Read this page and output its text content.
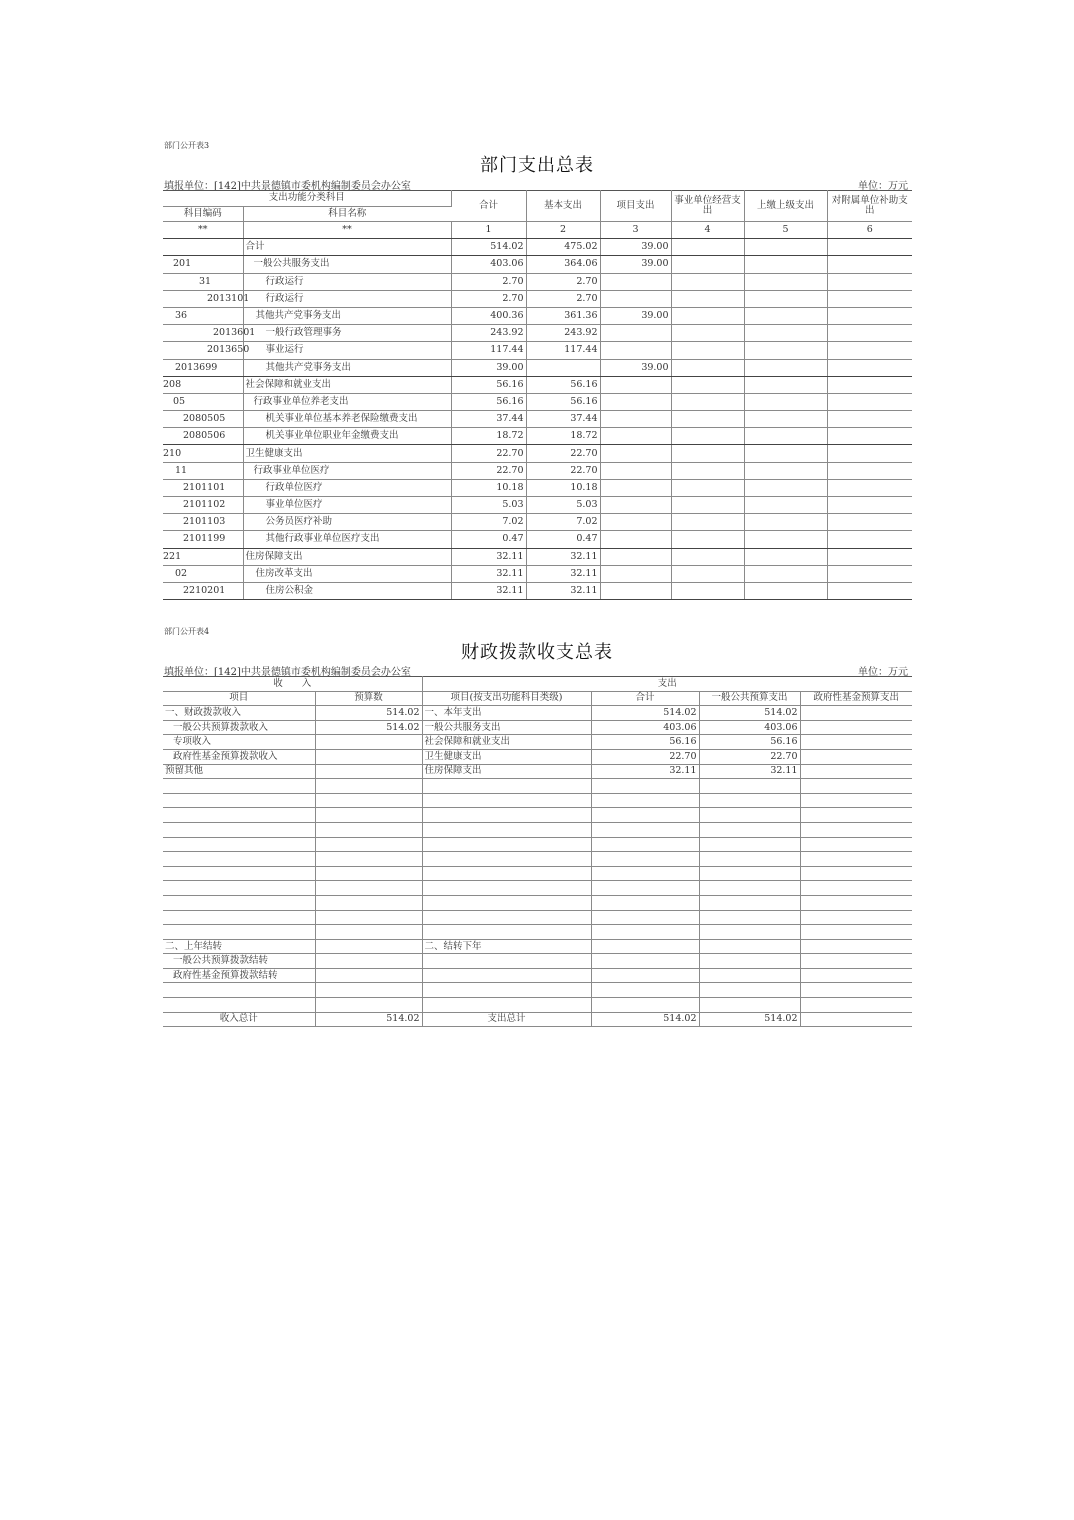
部门公开表3
部门支出总表
填报单位：[142]中共景德镇市委机构编制委员会办公室	单位：万元
支出功能分类科目		合计	基本支出	项目支出	事业单位经营支出	上缴上级支出	对附属单位补助支出
科目编码	科目名称						
**	**	1	2	3	4	5	6
	合计	514.02	475.02	39.00			
201	一般公共服务支出	403.06	364.06	39.00			
31	行政运行	2.70	2.70				
2013101	行政运行	2.70	2.70				
36	其他共产党事务支出	400.36	361.36	39.00			
2013601	一般行政管理事务	243.92	243.92				
2013650	事业运行	117.44	117.44				
2013699	其他共产党事务支出	39.00		39.00			
208	社会保障和就业支出	56.16	56.16				
05	行政事业单位养老支出	56.16	56.16				
2080505	机关事业单位基本养老保险缴费支出	37.44	37.44				
2080506	机关事业单位职业年金缴费支出	18.72	18.72				
210	卫生健康支出	22.70	22.70				
11	行政事业单位医疗	22.70	22.70				
2101101	行政单位医疗	10.18	10.18				
2101102	事业单位医疗	5.03	5.03				
2101103	公务员医疗补助	7.02	7.02				
2101199	其他行政事业单位医疗支出	0.47	0.47				
221	住房保障支出	32.11	32.11				
02	住房改革支出	32.11	32.11				
2210201	住房公积金	32.11	32.11				
部门公开表4
财政拨款收支总表
填报单位：[142]中共景德镇市委机构编制委员会办公室	单位：万元
收　　入		支出			
项目	预算数	项目(按支出功能科目类级)	合计	一般公共预算支出	政府性基金预算支出
一、财政拨款收入	514.02	一、本年支出	514.02	514.02	
一般公共预算拨款收入	514.02	一般公共服务支出	403.06	403.06	
专项收入		社会保障和就业支出	56.16	56.16	
政府性基金预算拨款收入		卫生健康支出	22.70	22.70	
预留其他		住房保障支出	32.11	32.11	

二、上年结转		二、结转下年			
一般公共预算拨款结转					
政府性基金预算拨款结转					

收入总计	514.02	支出总计	514.02	514.02	
